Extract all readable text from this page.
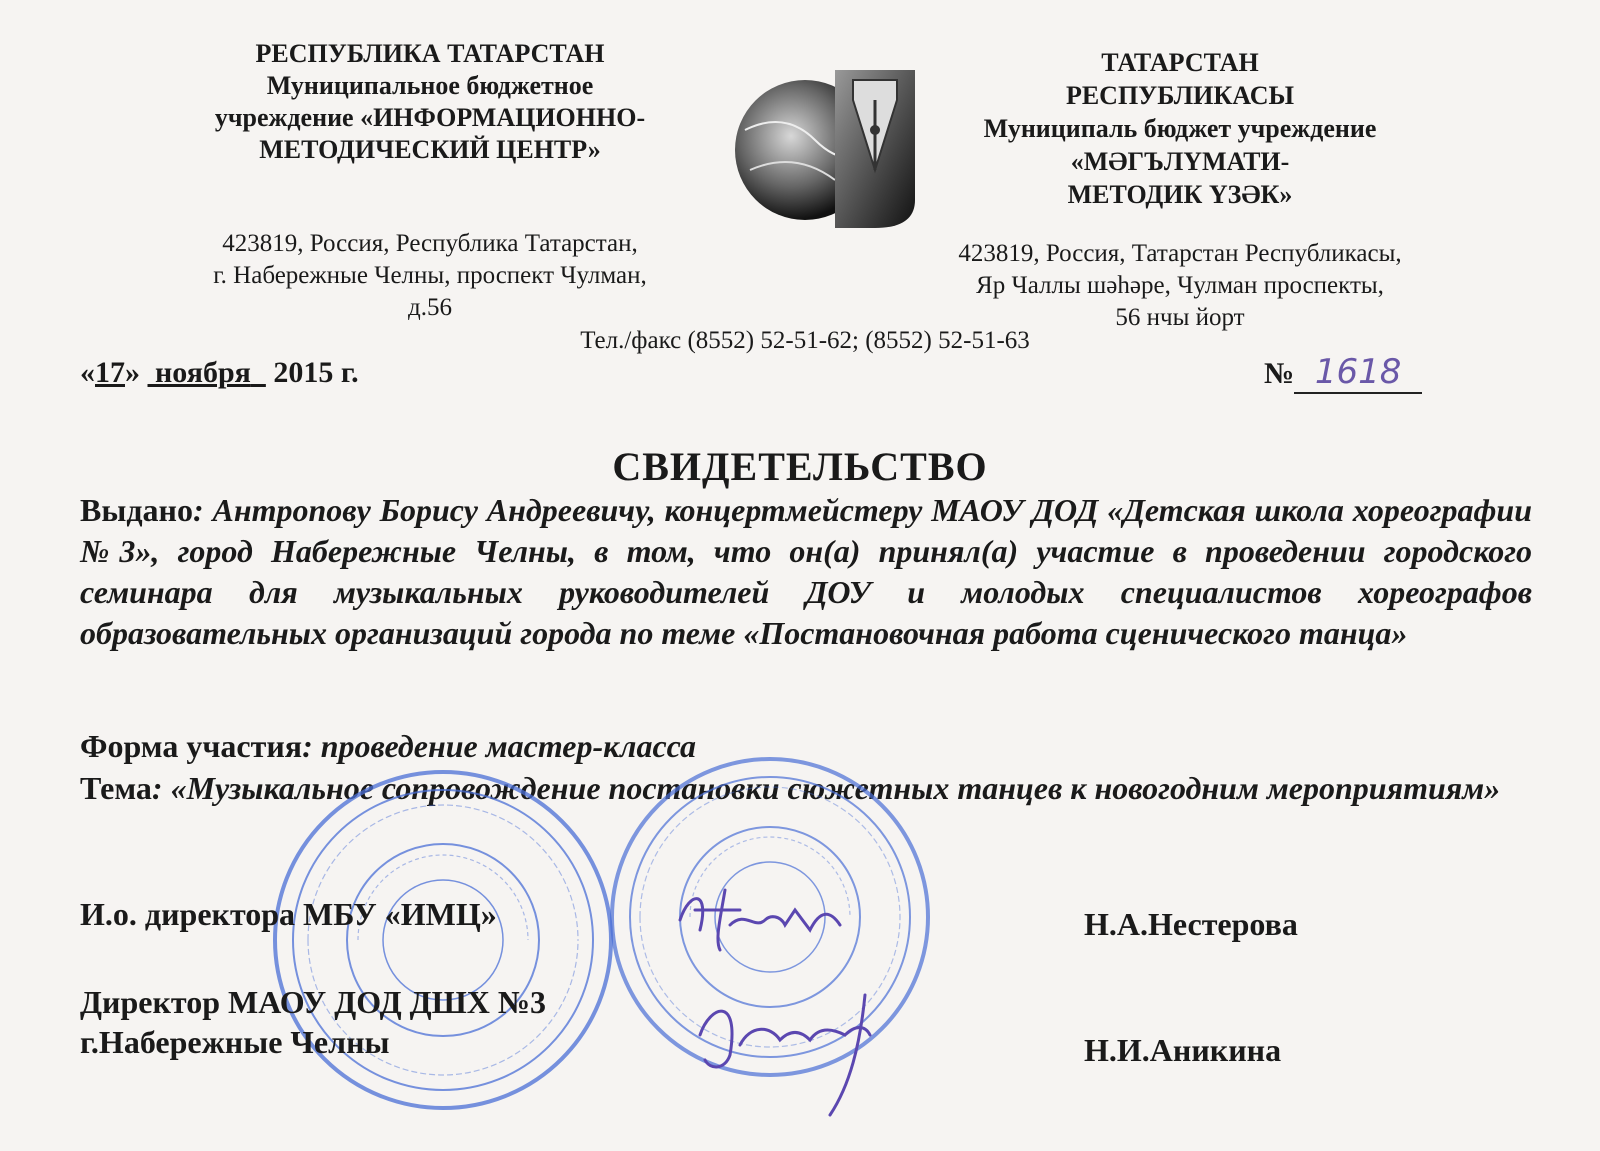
РЕСПУБЛИКА ТАТАРСТАН
Муниципальное бюджетное
учреждение «ИНФОРМАЦИОННО-
МЕТОДИЧЕСКИЙ ЦЕНТР»
423819, Россия, Республика Татарстан,
г. Набережные Челны, проспект Чулман,
д.56
ТАТАРСТАН
РЕСПУБЛИКАСЫ
Муниципаль бюджет учреждение
«МӘГЪЛҮМАТИ-
МЕТОДИК ҮЗӘК»
423819, Россия, Татарстан Республикасы,
Яр Чаллы шәһәре, Чулман проспекты,
56 нчы йорт
Тел./факс (8552) 52-51-62; (8552) 52-51-63
«17» ноября 2015 г.	№ 1618
СВИДЕТЕЛЬСТВО
Выдано: Антропову Борису Андреевичу, концертмейстеру МАОУ ДОД «Детская школа хореографии №3», город Набережные Челны, в том, что он(а) принял(а) участие в проведении городского семинара для музыкальных руководителей ДОУ и молодых специалистов хореографов образовательных организаций города по теме «Постановочная работа сценического танца»
Форма участия: проведение мастер-класса
Тема: «Музыкальное сопровождение постановки сюжетных танцев к новогодним мероприятиям»
И.о. директора МБУ «ИМЦ»	Н.А.Нестерова
Директор МАОУ ДОД ДШХ №3
г.Набережные Челны	Н.И.Аникина
